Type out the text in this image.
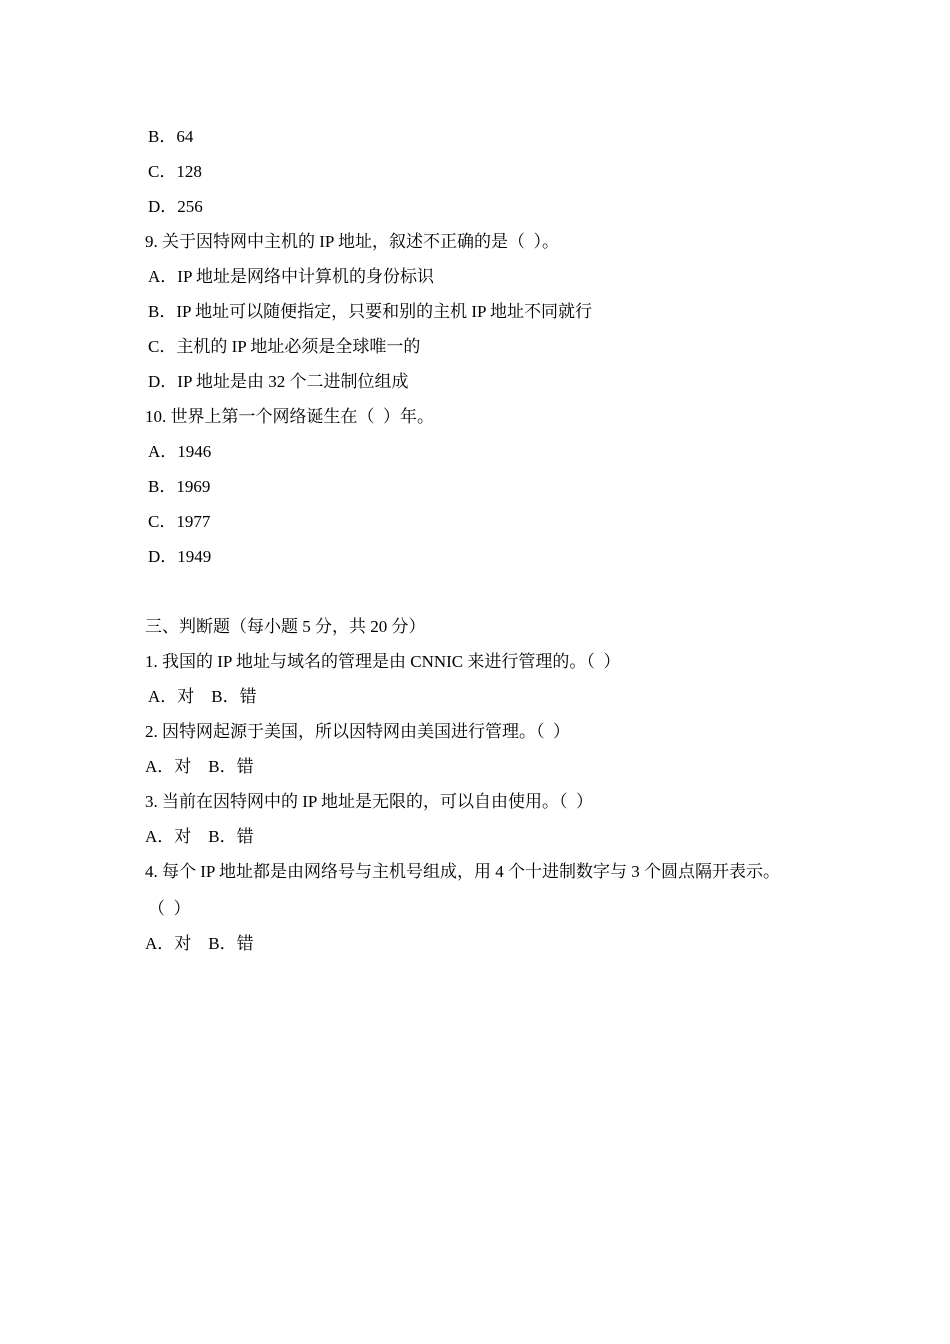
B．64
C．128
D．256
9. 关于因特网中主机的 IP 地址，叙述不正确的是（  ）。
A．IP 地址是网络中计算机的身份标识
B．IP 地址可以随便指定，只要和别的主机 IP 地址不同就行
C．主机的 IP 地址必须是全球唯一的
D．IP 地址是由 32 个二进制位组成
10. 世界上第一个网络诞生在（  ）年。
A．1946
B．1969
C．1977
D．1949
三、判断题（每小题 5 分，共 20 分）
1. 我国的 IP 地址与域名的管理是由 CNNIC 来进行管理的。（  ）
A．对    B．错
2. 因特网起源于美国，所以因特网由美国进行管理。（  ）
A．对    B．错
3. 当前在因特网中的 IP 地址是无限的，可以自由使用。（  ）
A．对    B．错
4. 每个 IP 地址都是由网络号与主机号组成，用 4 个十进制数字与 3 个圆点隔开表示。
（  ）
A．对    B．错
